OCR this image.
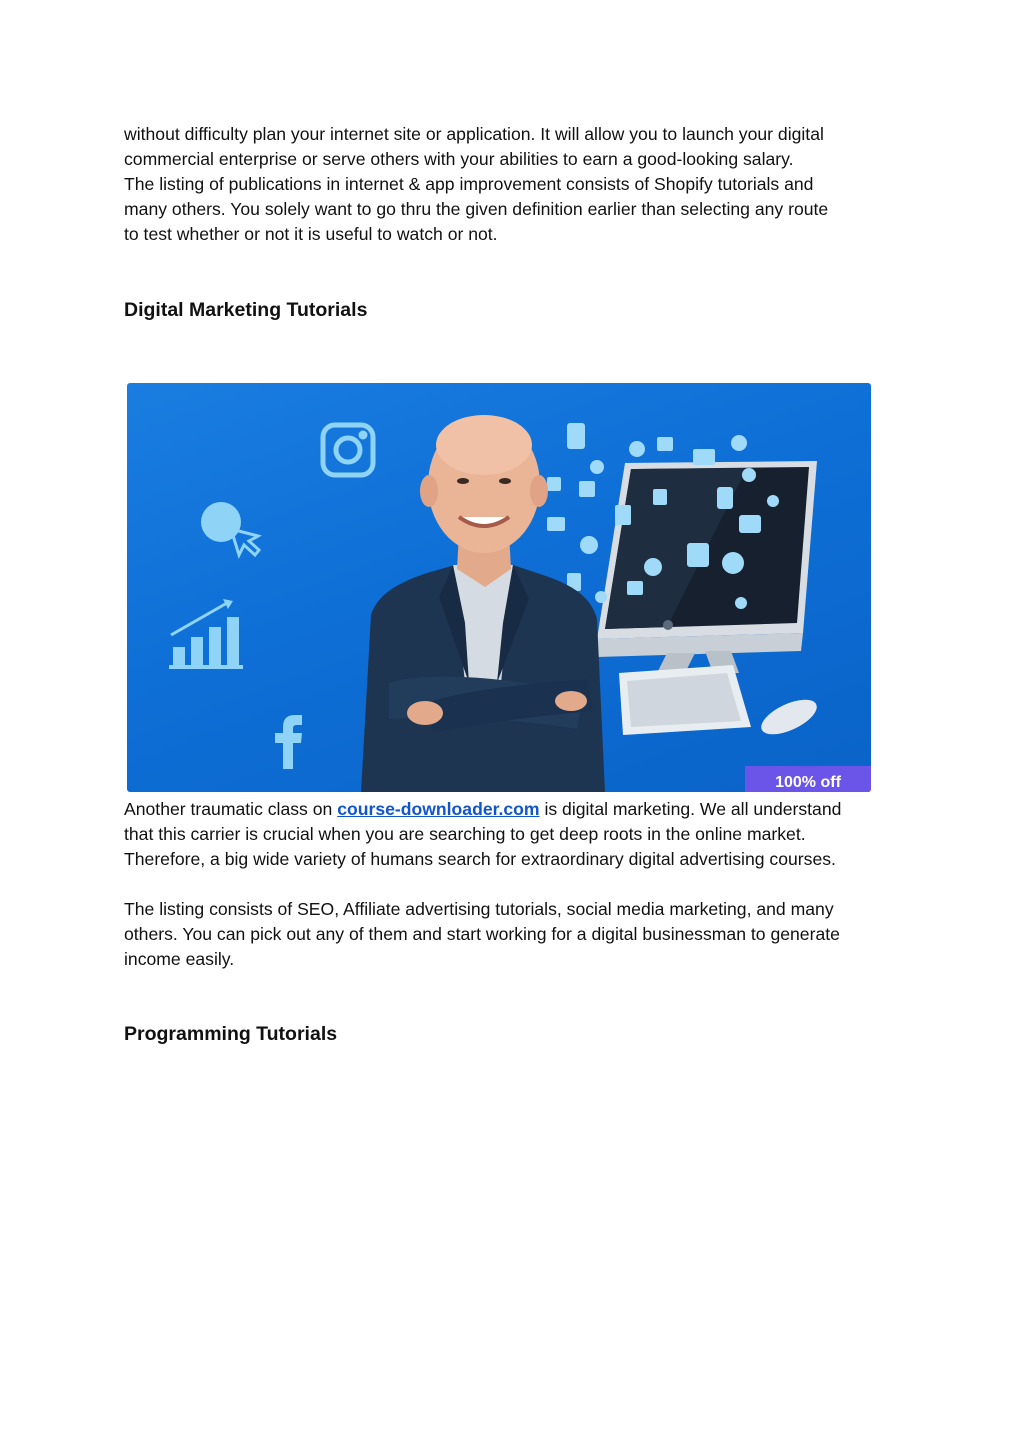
without difficulty plan your internet site or application. It will allow you to launch your digital
commercial enterprise or serve others with your abilities to earn a good-looking salary.
The listing of publications in internet & app improvement consists of Shopify tutorials and
many others. You solely want to go thru the given definition earlier than selecting any route
to test whether or not it is useful to watch or not.

Digital Marketing Tutorials
100% off

Another traumatic class on course-downloader.com is digital marketing. We all understand
that this carrier is crucial when you are searching to get deep roots in the online market.
Therefore, a big wide variety of humans search for extraordinary digital advertising courses.

The listing consists of SEO, Affiliate advertising tutorials, social media marketing, and many
others. You can pick out any of them and start working for a digital businessman to generate
income easily.

Programming Tutorials
